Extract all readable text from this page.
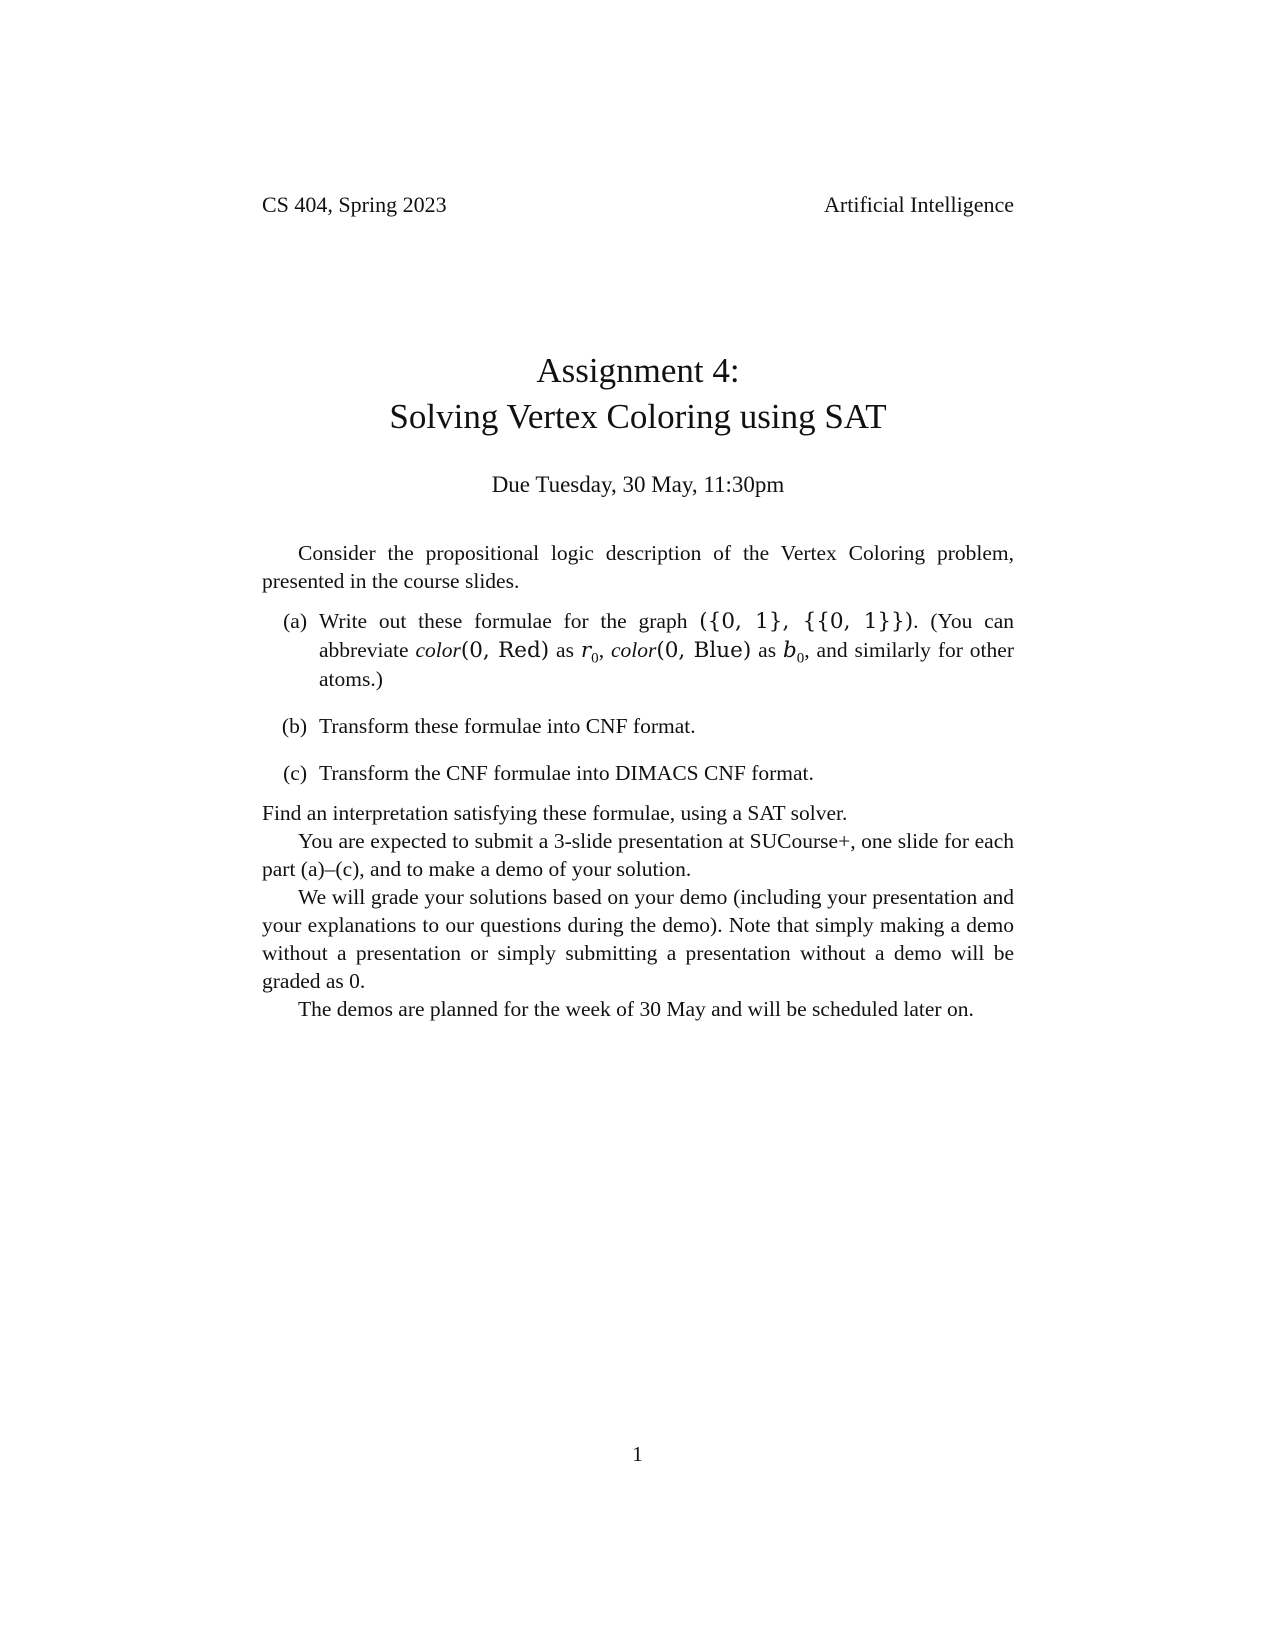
CS 404, Spring 2023	Artificial Intelligence
Assignment 4:
Solving Vertex Coloring using SAT
Due Tuesday, 30 May, 11:30pm

Consider the propositional logic description of the Vertex Coloring problem, presented in the course slides.

(a) Write out these formulae for the graph ({0, 1}, {{0, 1}}). (You can abbreviate color(0, Red) as $r_0$, color(0, Blue) as $b_0$, and similarly for other atoms.)
(b) Transform these formulae into CNF format.
(c) Transform the CNF formulae into DIMACS CNF format.

Find an interpretation satisfying these formulae, using a SAT solver.

You are expected to submit a 3-slide presentation at SUCourse+, one slide for each part (a)–(c), and to make a demo of your solution.

We will grade your solutions based on your demo (including your presentation and your explanations to our questions during the demo). Note that simply making a demo without a presentation or simply submitting a presentation without a demo will be graded as 0.

The demos are planned for the week of 30 May and will be scheduled later on.

1
